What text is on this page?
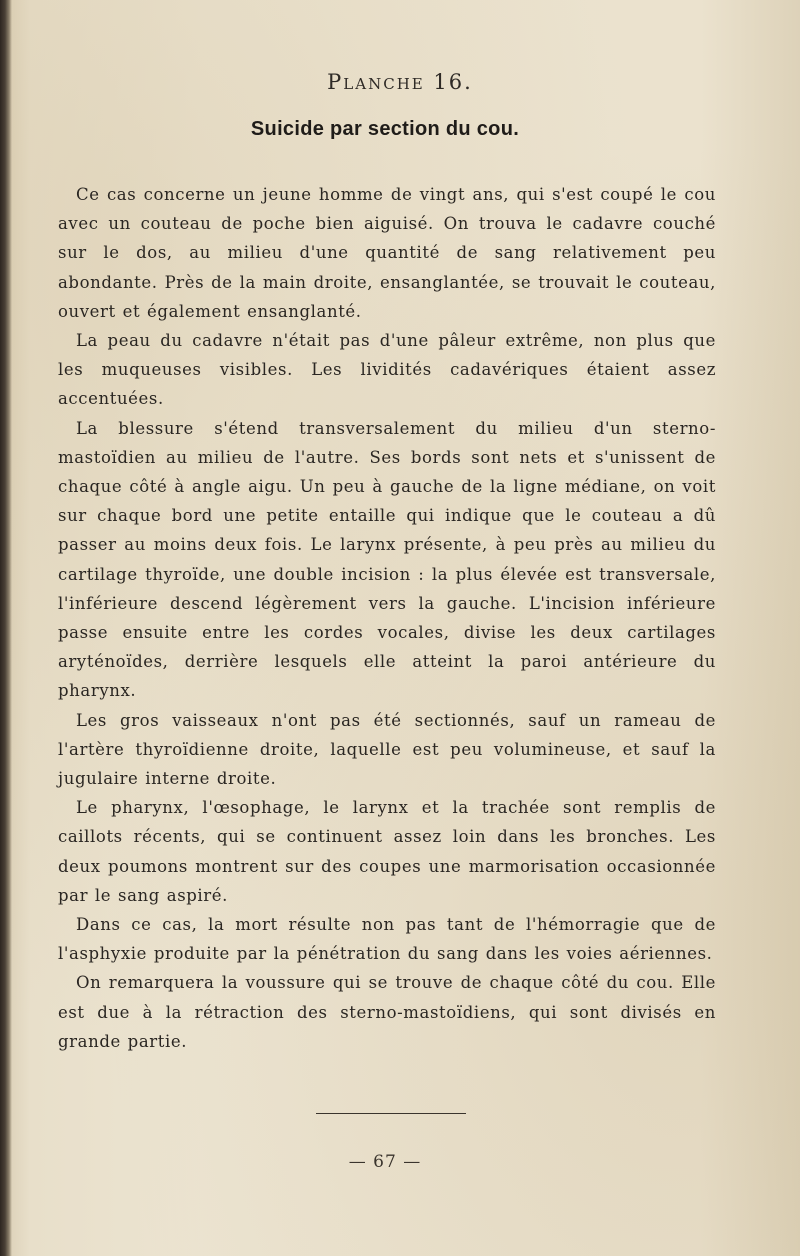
Planche 16.
Suicide par section du cou.

Ce cas concerne un jeune homme de vingt ans, qui s'est coupé le cou avec un couteau de poche bien aiguisé. On trouva le cadavre couché sur le dos, au milieu d'une quantité de sang relativement peu abondante. Près de la main droite, ensanglantée, se trouvait le couteau, ouvert et également ensanglanté.

La peau du cadavre n'était pas d'une pâleur extrême, non plus que les muqueuses visibles. Les lividités cadavériques étaient assez accentuées.

La blessure s'étend transversalement du milieu d'un sterno-mastoïdien au milieu de l'autre. Ses bords sont nets et s'unissent de chaque côté à angle aigu. Un peu à gauche de la ligne médiane, on voit sur chaque bord une petite entaille qui indique que le couteau a dû passer au moins deux fois. Le larynx présente, à peu près au milieu du cartilage thyroïde, une double incision : la plus élevée est transversale, l'inférieure descend légèrement vers la gauche. L'incision inférieure passe ensuite entre les cordes vocales, divise les deux cartilages aryténoïdes, derrière lesquels elle atteint la paroi antérieure du pharynx.

Les gros vaisseaux n'ont pas été sectionnés, sauf un rameau de l'artère thyroïdienne droite, laquelle est peu volumineuse, et sauf la jugulaire interne droite.

Le pharynx, l'œsophage, le larynx et la trachée sont remplis de caillots récents, qui se continuent assez loin dans les bronches. Les deux poumons montrent sur des coupes une marmorisation occasionnée par le sang aspiré.

Dans ce cas, la mort résulte non pas tant de l'hémorragie que de l'asphyxie produite par la pénétration du sang dans les voies aériennes.

On remarquera la voussure qui se trouve de chaque côté du cou. Elle est due à la rétraction des sterno-mastoïdiens, qui sont divisés en grande partie.

— 67 —
